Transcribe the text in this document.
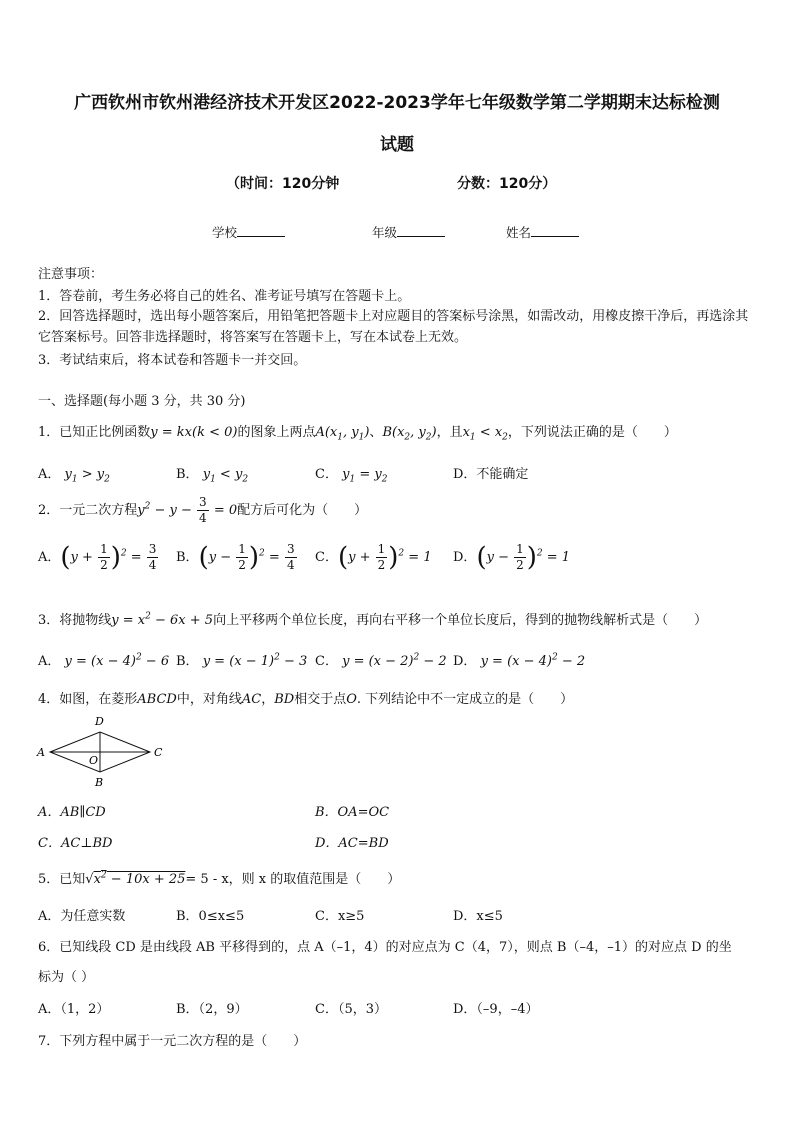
广西钦州市钦州港经济技术开发区2022-2023学年七年级数学第二学期期末达标检测
试题
（时间：120分钟	分数：120分）
学校	年级	姓名
注意事项：
1．答卷前，考生务必将自己的姓名、准考证号填写在答题卡上。
2．回答选择题时，选出每小题答案后，用铅笔把答题卡上对应题目的答案标号涂黑，如需改动，用橡皮擦干净后，再选涂其它答案标号。回答非选择题时，将答案写在答题卡上，写在本试卷上无效。
3．考试结束后，将本试卷和答题卡一并交回。
一、选择题(每小题 3 分，共 30 分)
1．已知正比例函数y = kx(k < 0)的图象上两点$A(x_1$, $y_1$)、$B(x_2$, $y_2$)，且$x_1 < x_2$，下列说法正确的是（　　）
A． $y_1 > y_2$	B． $y_1 < y_2$	C． $y_1 = y_2$	D．不能确定
2．一元二次方程$y^2 - y - \frac{3}{4} = 0$配方后可化为（　　）
A．$(y + \frac{1}{2} )^2 = \frac{3}{4}$ B．$(y - \frac{1}{2} )^2 = \frac{3}{4}$ C．$(y + \frac{1}{2} )^2 = 1$ D．$(y - \frac{1}{2} )^2 = 1$
3．将抛物线$y = x^2 - 6x + 5$向上平移两个单位长度，再向右平移一个单位长度后，得到的抛物线解析式是（　　）
A． $y = (x - 4)^2 - 6$ B． $y = (x - 1)^2 - 3$ C． $y = (x - 2)^2 - 2$ D． $y = (x - 4)^2 - 2$
4．如图，在菱形ABCD中，对角线AC，BD相交于点O. 下列结论中不一定成立的是（　　）
A
D
C
B
O
A．AB∥CD	B．OA=OC
C．AC⊥BD	D．AC=BD
5．已知$√x^2 - 10x + 25= 5 - x$，则 x 的取值范围是（　　）
A．为任意实数	B．0≤x≤5	C．x≥5	D．x≤5
6．已知线段 CD 是由线段 AB 平移得到的，点 A（–1，4）的对应点为 C（4，7），则点 B（–4，–1）的对应点 D 的坐
标为（ ）
A．（1，2）	B．（2，9）	C．（5，3）	D．（–9，–4）
7．下列方程中属于一元二次方程的是（　　）
